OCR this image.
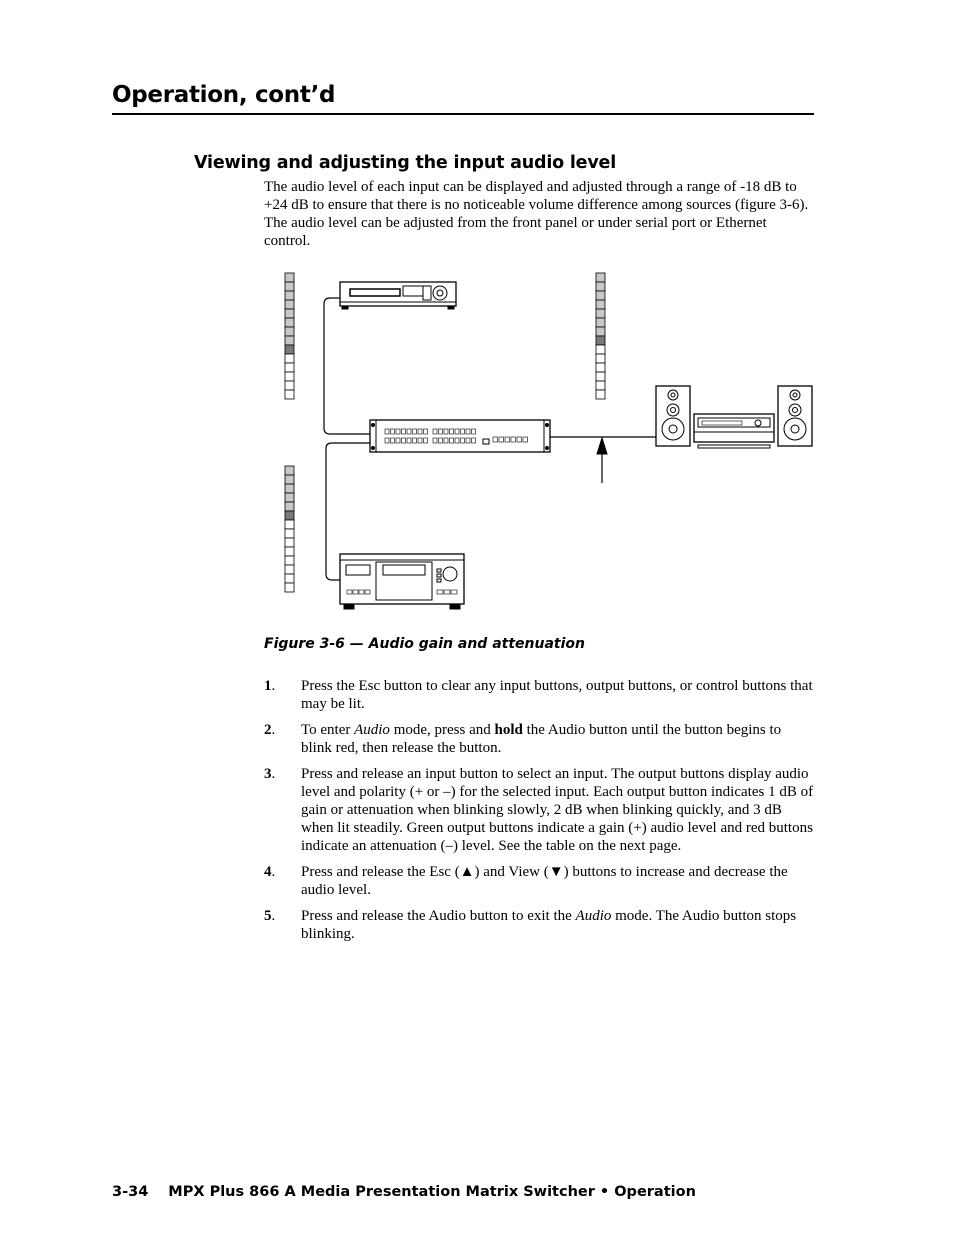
Operation, cont’d
Viewing and adjusting the input audio level
The audio level of each input can be displayed and adjusted through a range of -18 dB to +24 dB to ensure that there is no noticeable volume difference among sources (figure 3-6). The audio level can be adjusted from the front panel or under serial port or Ethernet control.
Figure 3-6 — Audio gain and attenuation
1.	Press the Esc button to clear any input buttons, output buttons, or control buttons that may be lit.
2.	To enter Audio mode, press and hold the Audio button until the button begins to blink red, then release the button.
3.	Press and release an input button to select an input. The output buttons display audio level and polarity (+ or –) for the selected input. Each output button indicates 1 dB of gain or attenuation when blinking slowly, 2 dB when blinking quickly, and 3 dB when lit steadily. Green output buttons indicate a gain (+) audio level and red buttons indicate an attenuation (–) level. See the table on the next page.
4.	Press and release the Esc (▲) and View (▼) buttons to increase and decrease the audio level.
5.	Press and release the Audio button to exit the Audio mode. The Audio button stops blinking.
3-34 MPX Plus 866 A Media Presentation Matrix Switcher • Operation
